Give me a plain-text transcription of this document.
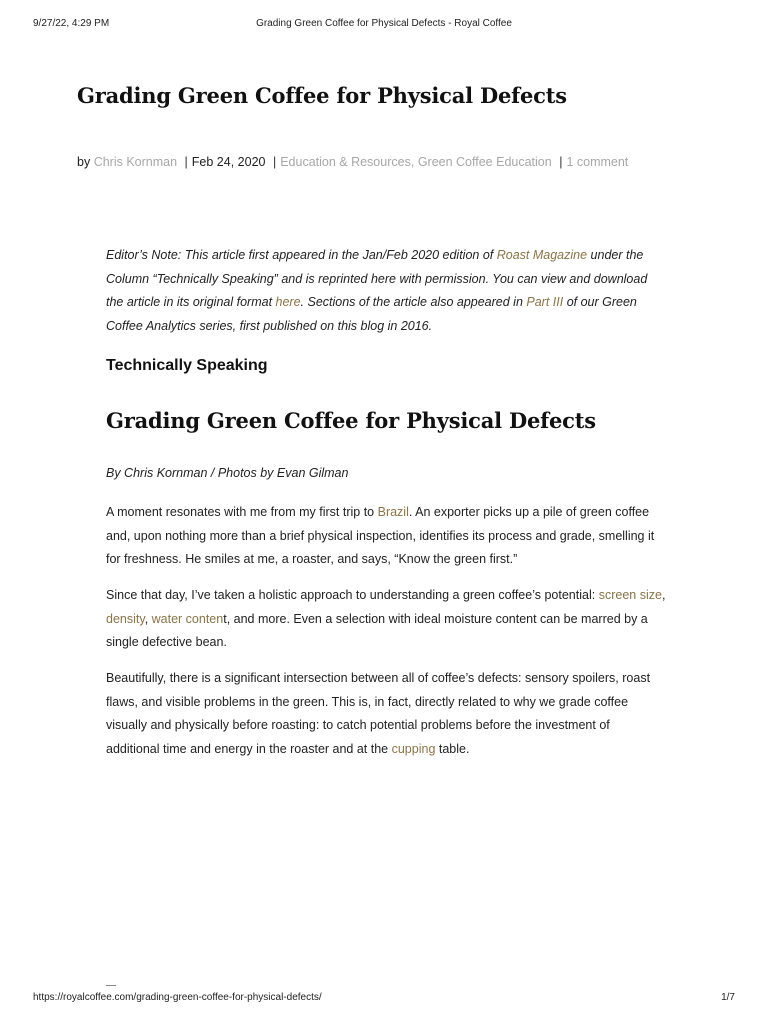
9/27/22, 4:29 PM	Grading Green Coffee for Physical Defects - Royal Coffee
Grading Green Coffee for Physical Defects
by Chris Kornman | Feb 24, 2020 | Education & Resources, Green Coffee Education | 1 comment
Editor’s Note: This article first appeared in the Jan/Feb 2020 edition of Roast Magazine under the Column “Technically Speaking” and is reprinted here with permission. You can view and download the article in its original format here. Sections of the article also appeared in Part III of our Green Coffee Analytics series, first published on this blog in 2016.
Technically Speaking
Grading Green Coffee for Physical Defects
By Chris Kornman / Photos by Evan Gilman

A moment resonates with me from my first trip to Brazil. An exporter picks up a pile of green coffee and, upon nothing more than a brief physical inspection, identifies its process and grade, smelling it for freshness. He smiles at me, a roaster, and says, “Know the green first.”

Since that day, I’ve taken a holistic approach to understanding a green coffee’s potential: screen size, density, water content, and more. Even a selection with ideal moisture content can be marred by a single defective bean.

Beautifully, there is a significant intersection between all of coffee’s defects: sensory spoilers, roast flaws, and visible problems in the green. This is, in fact, directly related to why we grade coffee visually and physically before roasting: to catch potential problems before the investment of additional time and energy in the roaster and at the cupping table.

https://royalcoffee.com/grading-green-coffee-for-physical-defects/	1/7
